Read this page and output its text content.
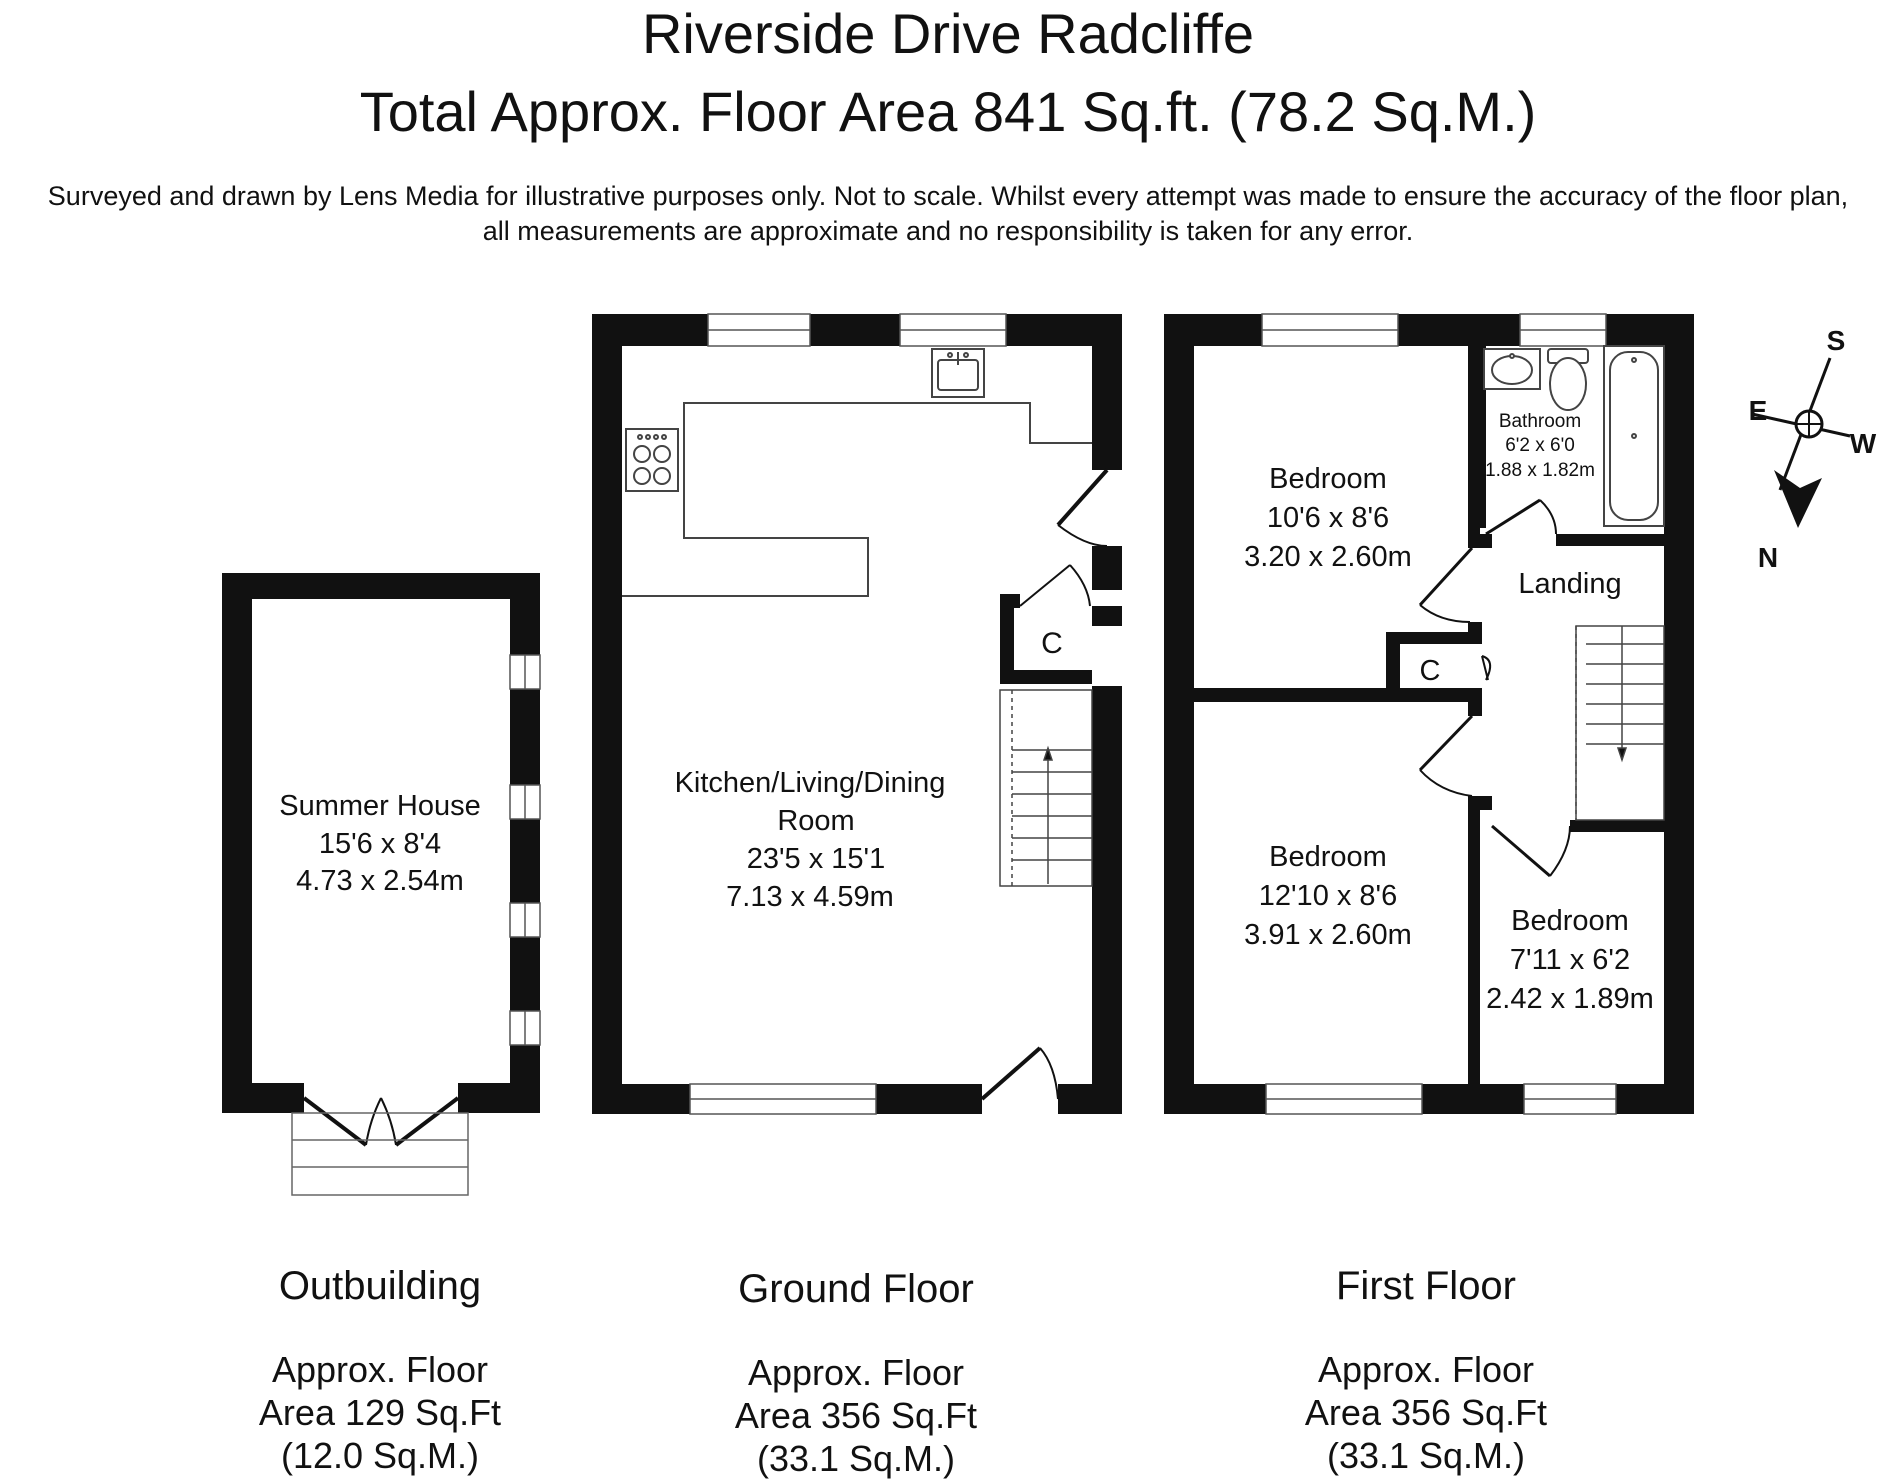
Riverside Drive Radcliffe
Total Approx. Floor Area 841 Sq.ft. (78.2 Sq.M.)
Surveyed and drawn by Lens Media for illustrative purposes only. Not to scale. Whilst every attempt was made to ensure the accuracy of the floor plan,
all measurements are approximate and no responsibility is taken for any error.
Summer House
15'6 x 8'4
4.73 x 2.54m
C
Kitchen/Living/Dining
Room
23'5 x 15'1
7.13 x 4.59m
Bedroom
10'6 x 8'6
3.20 x 2.60m
Bathroom
6'2 x 6'0
1.88 x 1.82m
Landing
C
Bedroom
12'10 x 8'6
3.91 x 2.60m	Bedroom
7'11 x 6'2
2.42 x 1.89m
S
E
W
N
Outbuilding
Approx. Floor
Area 129 Sq.Ft
(12.0 Sq.M.)
Ground Floor
Approx. Floor
Area 356 Sq.Ft
(33.1 Sq.M.)
First Floor
Approx. Floor
Area 356 Sq.Ft
(33.1 Sq.M.)
